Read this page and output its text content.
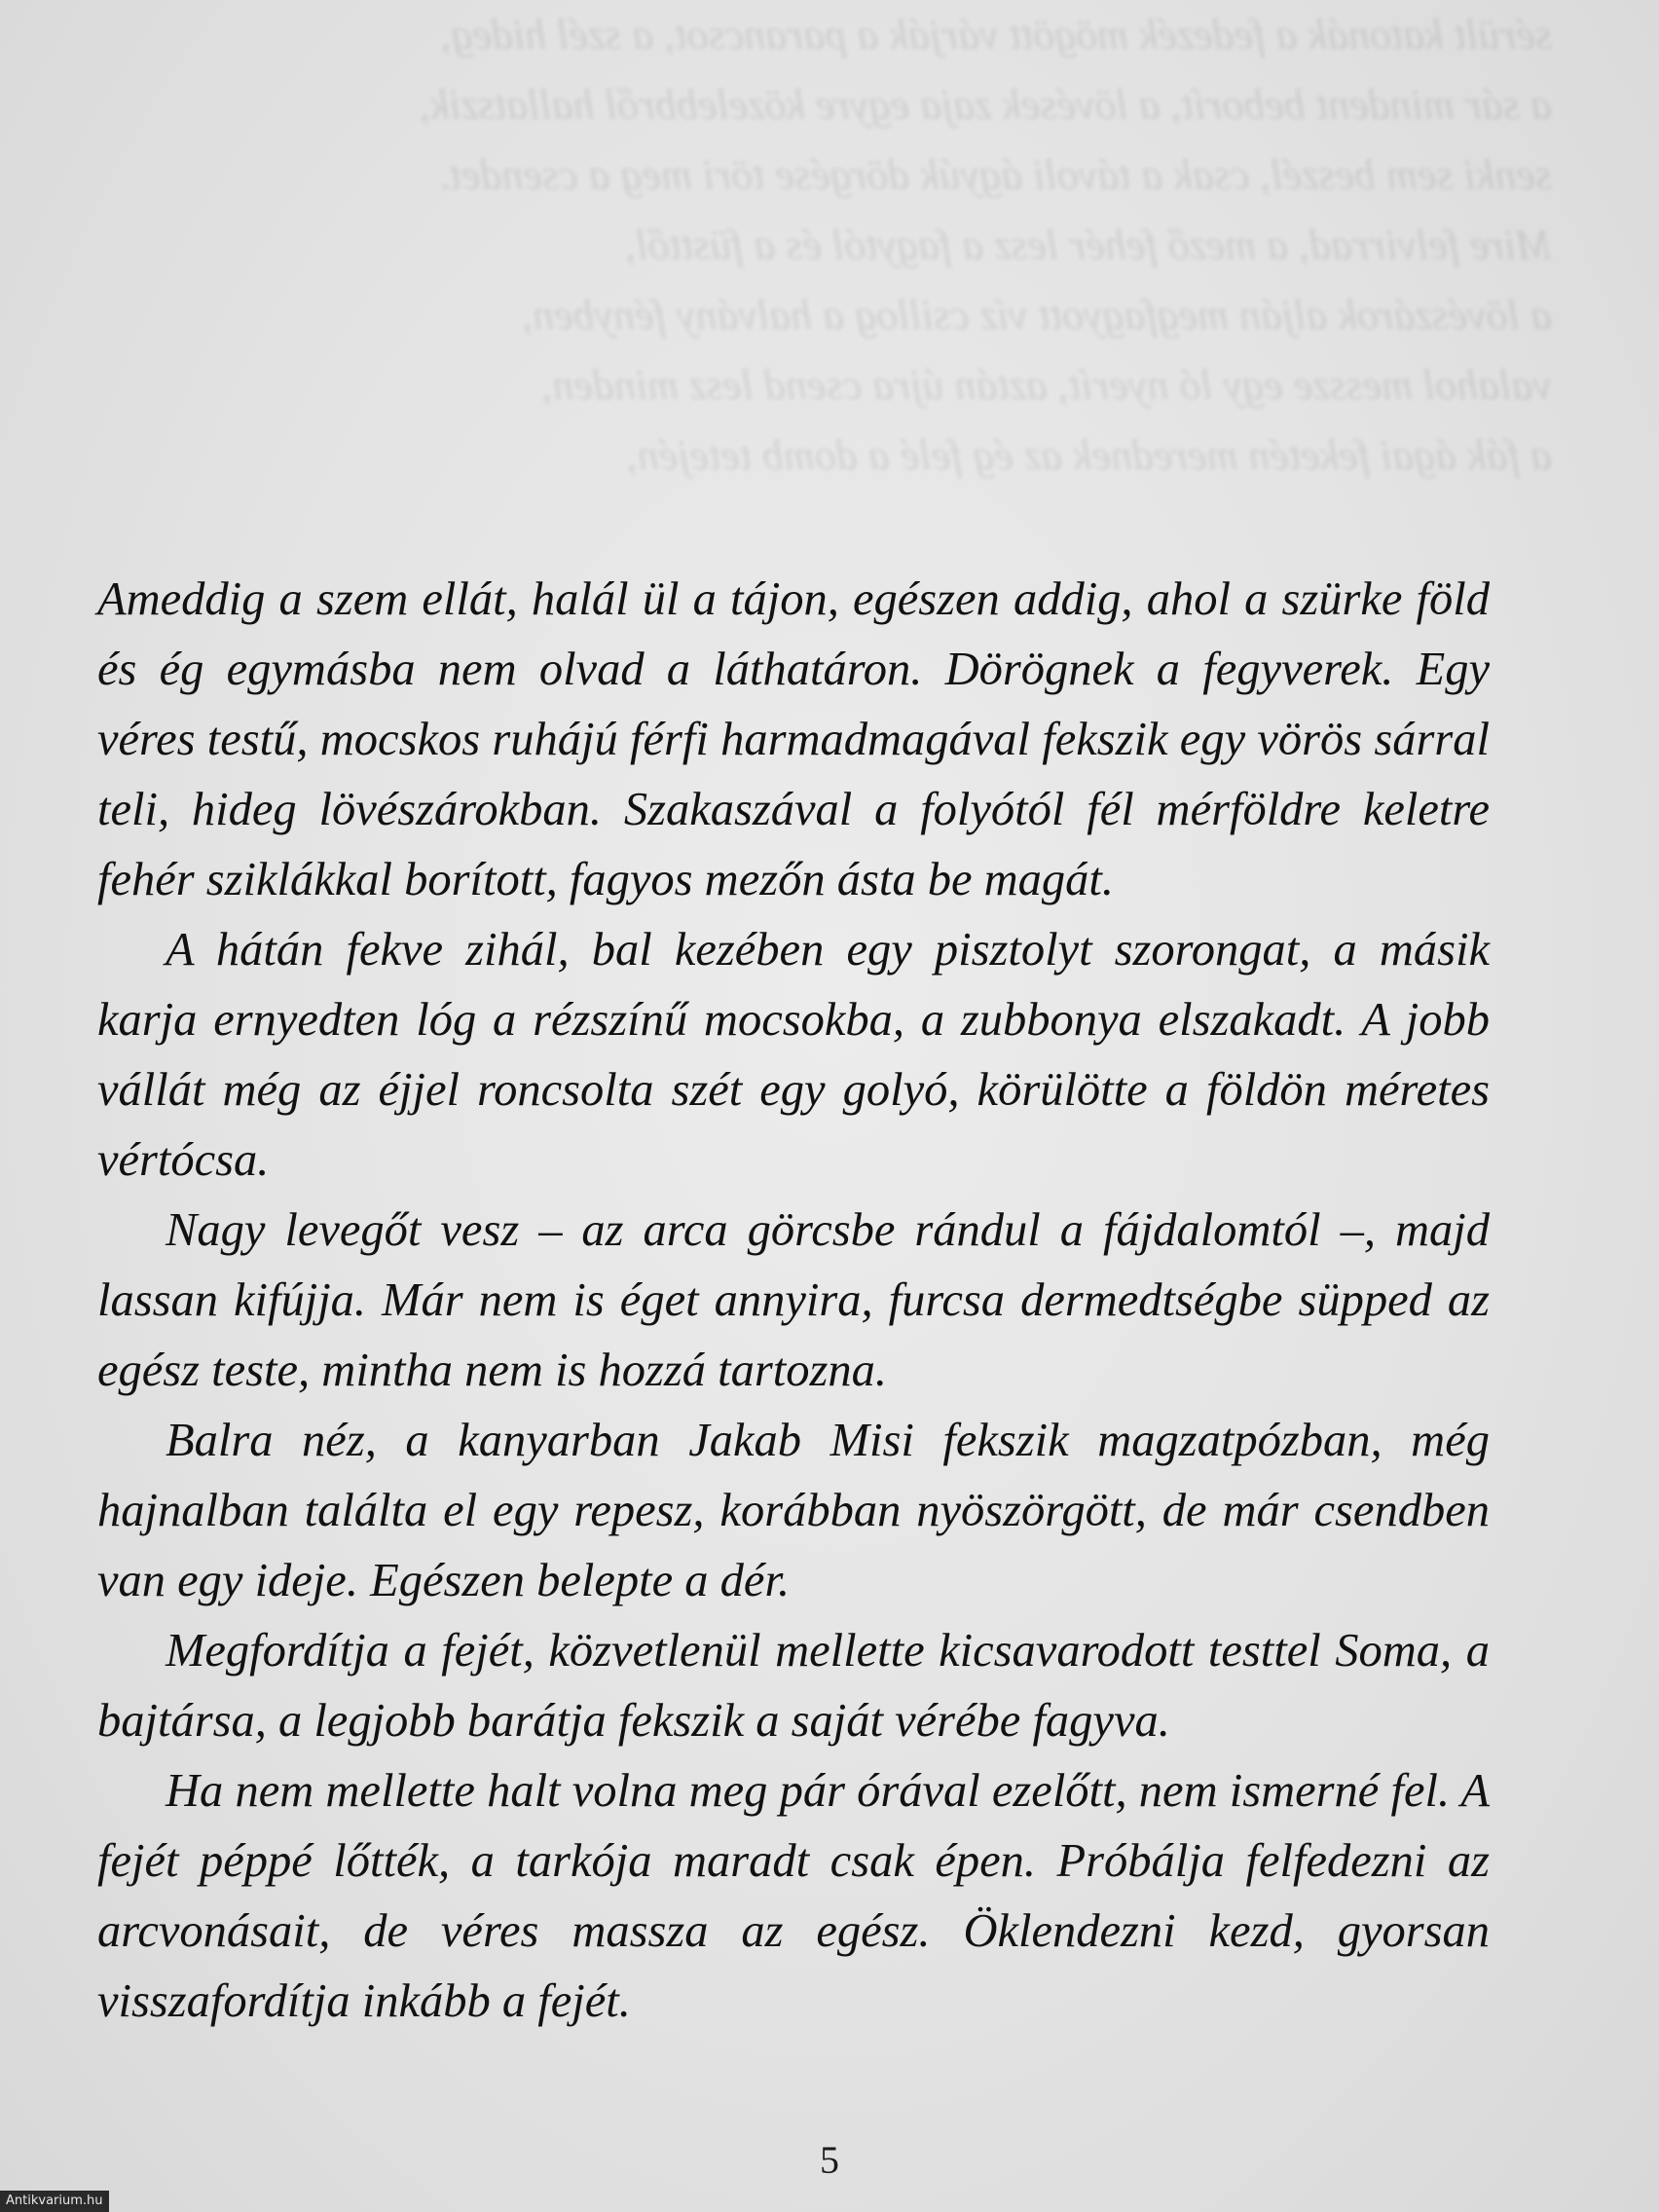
sérült katonák a fedezék mögött várják a parancsot, a szél hideg,

a sár mindent beborít, a lövések zaja egyre közelebbről hallatszik,

senki sem beszél, csak a távoli ágyúk dörgése töri meg a csendet.

Mire felvirrad, a mező fehér lesz a fagytól és a füsttől,

a lövészárok alján megfagyott víz csillog a halvány fényben,

valahol messze egy ló nyerít, aztán újra csend lesz minden,

a fák ágai feketén merednek az ég felé a domb tetején,

Ameddig a szem ellát, halál ül a tájon, egészen addig, ahol a szürke föld és ég egymásba nem olvad a láthatáron. Dörögnek a fegyverek. Egy véres testű, mocskos ruhájú férfi harmadmagával fekszik egy vörös sárral teli, hideg lövészárokban. Szakaszával a folyótól fél mérföldre keletre fehér sziklákkal borított, fagyos mezőn ásta be magát.

A hátán fekve zihál, bal kezében egy pisztolyt szorongat, a másik karja ernyedten lóg a rézszínű mocsokba, a zubbonya elszakadt. A jobb vállát még az éjjel roncsolta szét egy golyó, körülötte a földön méretes vértócsa.

Nagy levegőt vesz – az arca görcsbe rándul a fájdalomtól –, majd lassan kifújja. Már nem is éget annyira, furcsa dermedtségbe süpped az egész teste, mintha nem is hozzá tartozna.

Balra néz, a kanyarban Jakab Misi fekszik magzatpózban, még hajnalban találta el egy repesz, korábban nyöszörgött, de már csendben van egy ideje. Egészen belepte a dér.

Megfordítja a fejét, közvetlenül mellette kicsavarodott testtel Soma, a bajtársa, a legjobb barátja fekszik a saját vérébe fagyva.

Ha nem mellette halt volna meg pár órával ezelőtt, nem ismerné fel. A fejét péppé lőtték, a tarkója maradt csak épen. Próbálja felfedezni az arcvonásait, de véres massza az egész. Öklendezni kezd, gyorsan visszafordítja inkább a fejét.

5
Antikvarium.hu
